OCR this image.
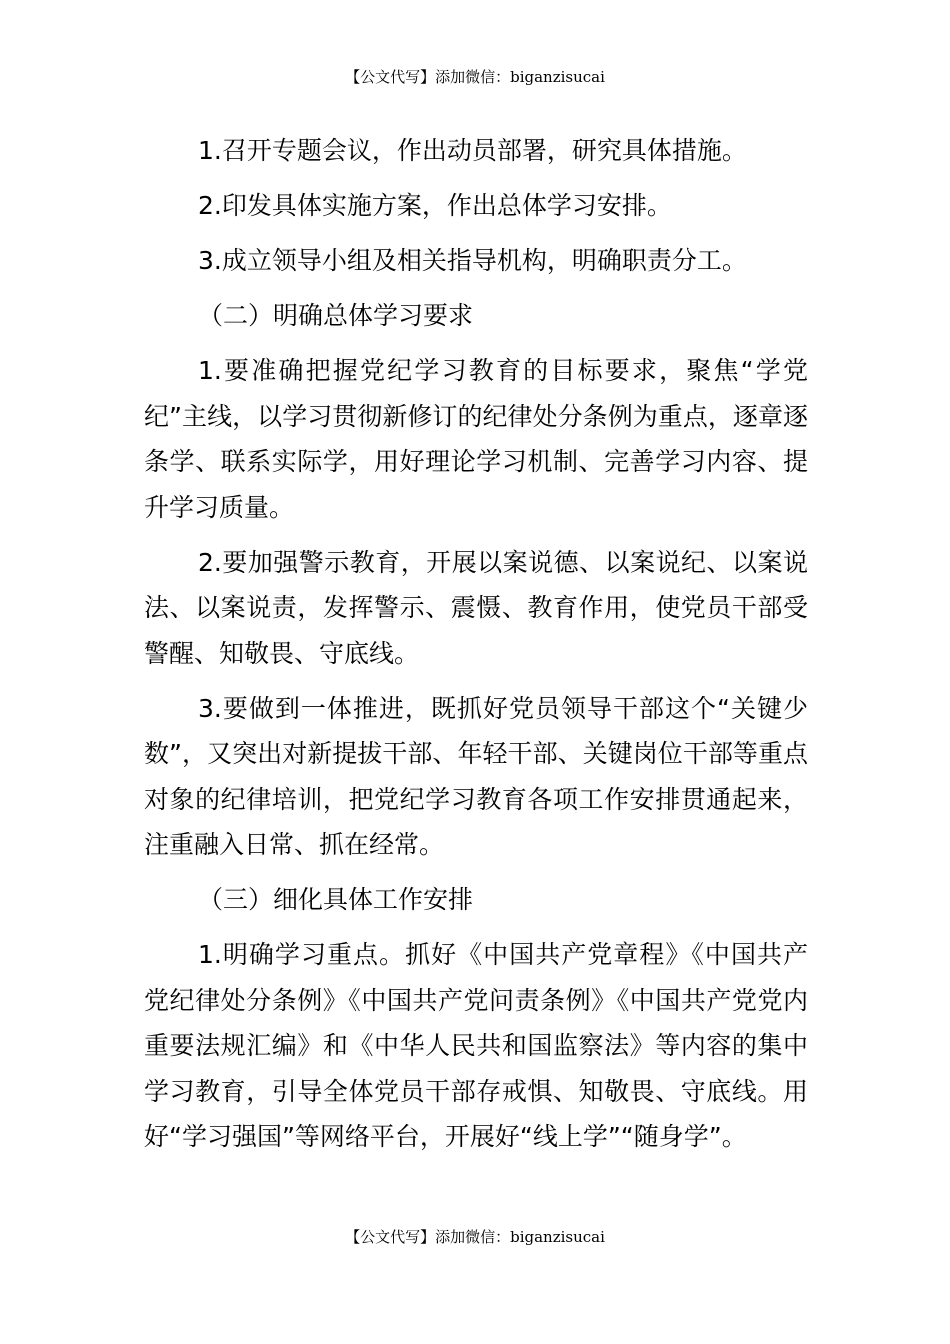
【公文代写】添加微信：biganzisucai

1.召开专题会议，作出动员部署，研究具体措施。

2.印发具体实施方案，作出总体学习安排。

3.成立领导小组及相关指导机构，明确职责分工。

（二）明确总体学习要求

1.要准确把握党纪学习教育的目标要求，聚焦“学党纪”主线，以学习贯彻新修订的纪律处分条例为重点，逐章逐条学、联系实际学，用好理论学习机制、完善学习内容、提升学习质量。

2.要加强警示教育，开展以案说德、以案说纪、以案说法、以案说责，发挥警示、震慑、教育作用，使党员干部受警醒、知敬畏、守底线。

3.要做到一体推进，既抓好党员领导干部这个“关键少数”，又突出对新提拔干部、年轻干部、关键岗位干部等重点对象的纪律培训，把党纪学习教育各项工作安排贯通起来，注重融入日常、抓在经常。

（三）细化具体工作安排

1.明确学习重点。抓好《中国共产党章程》《中国共产党纪律处分条例》《中国共产党问责条例》《中国共产党党内重要法规汇编》和《中华人民共和国监察法》等内容的集中学习教育，引导全体党员干部存戒惧、知敬畏、守底线。用好“学习强国”等网络平台，开展好“线上学”“随身学”。

【公文代写】添加微信：biganzisucai
